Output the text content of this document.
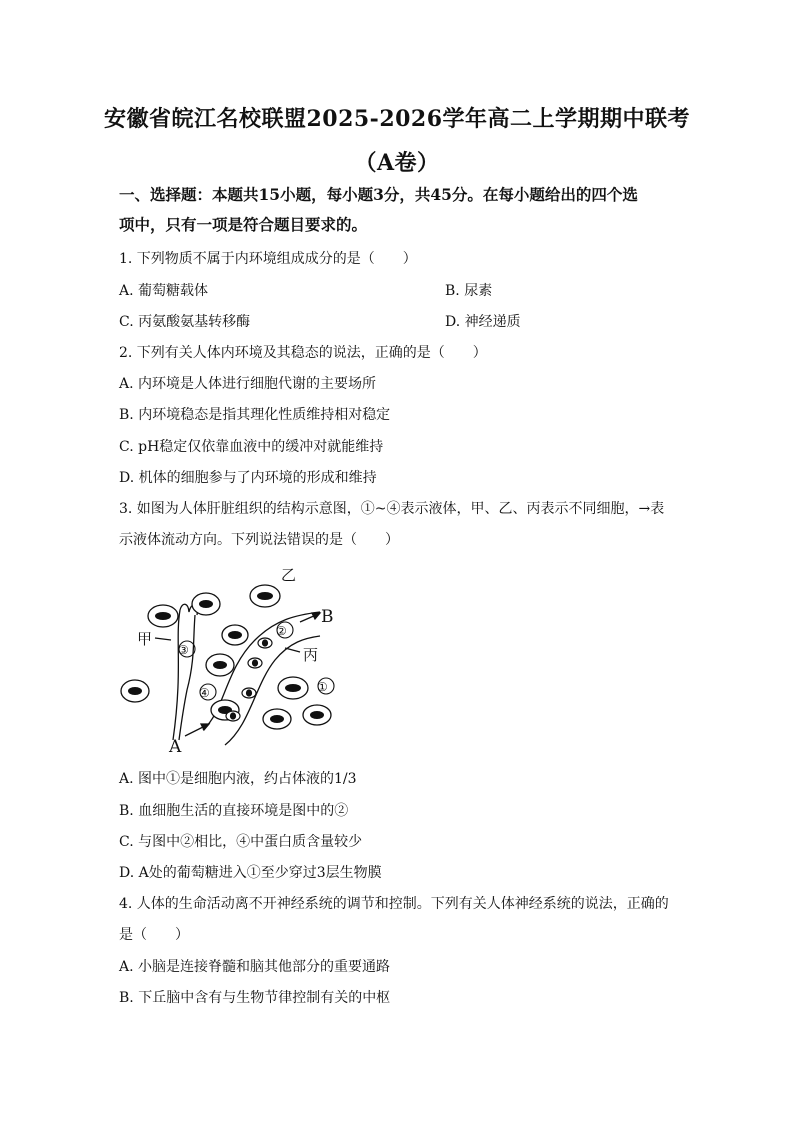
安徽省皖江名校联盟2025-2026学年高二上学期期中联考
（A卷）
一、选择题：本题共15小题，每小题3分，共45分。在每小题给出的四个选
项中，只有一项是符合题目要求的。
1. 下列物质不属于内环境组成成分的是（　　）
A. 葡萄糖载体	B. 尿素
C. 丙氨酸氨基转移酶	D. 神经递质
2. 下列有关人体内环境及其稳态的说法，正确的是（　　）
A. 内环境是人体进行细胞代谢的主要场所
B. 内环境稳态是指其理化性质维持相对稳定
C. pH稳定仅依靠血液中的缓冲对就能维持
D. 机体的细胞参与了内环境的形成和维持
3. 如图为人体肝脏组织的结构示意图，①~④表示液体，甲、乙、丙表示不同细胞，→表
示液体流动方向。下列说法错误的是（　　）
乙
甲
丙
A
B
①
②
③
④
A. 图中①是细胞内液，约占体液的1/3
B. 血细胞生活的直接环境是图中的②
C. 与图中②相比，④中蛋白质含量较少
D. A处的葡萄糖进入①至少穿过3层生物膜
4. 人体的生命活动离不开神经系统的调节和控制。下列有关人体神经系统的说法，正确的
是（　　）
A. 小脑是连接脊髓和脑其他部分的重要通路
B. 下丘脑中含有与生物节律控制有关的中枢
